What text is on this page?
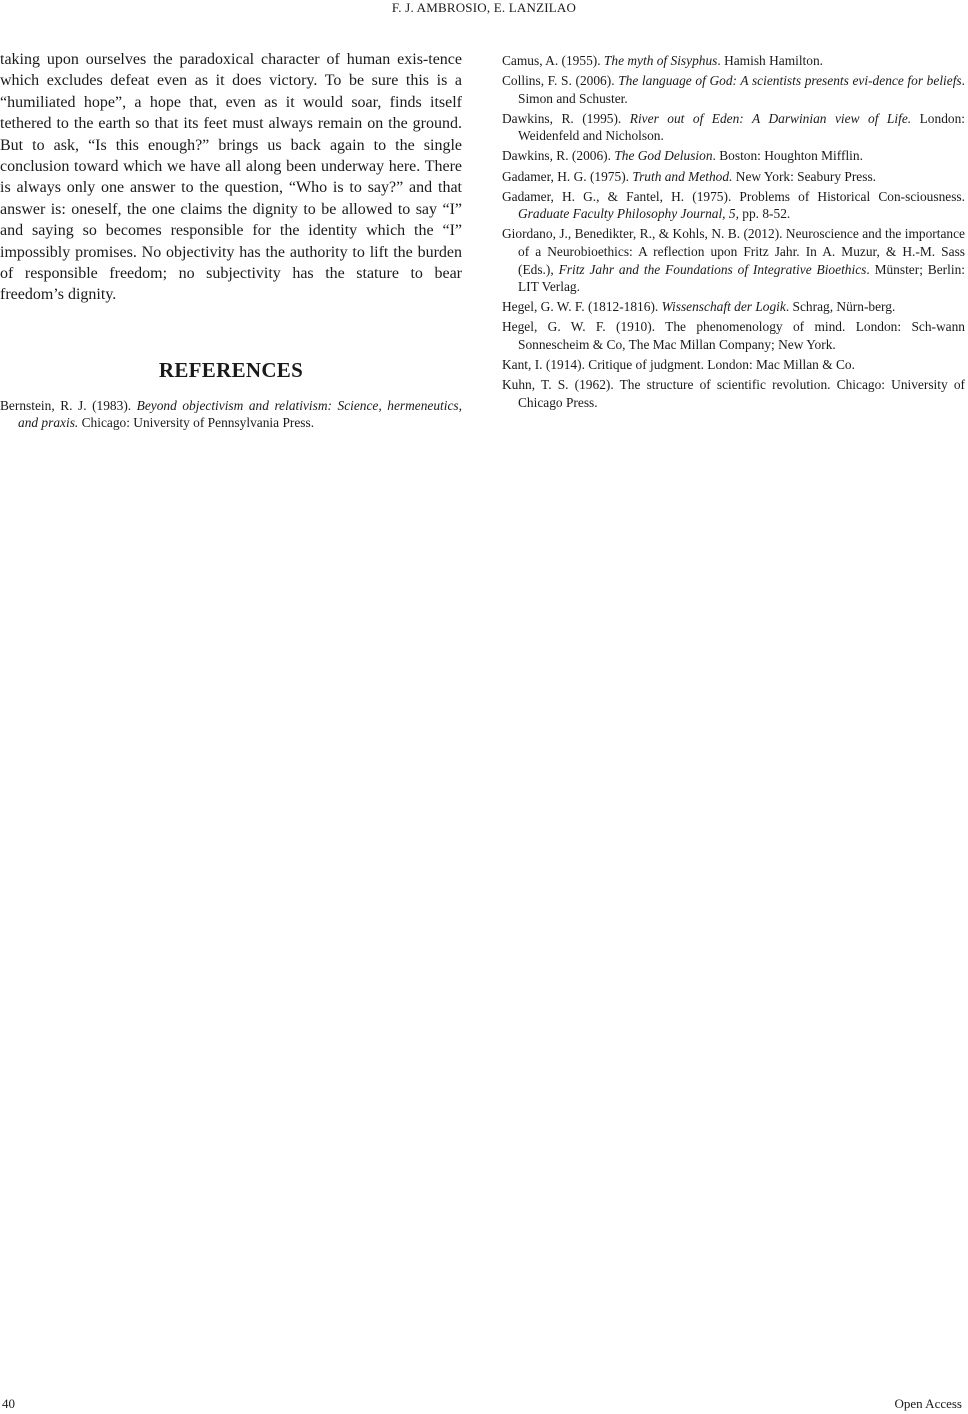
F. J. AMBROSIO, E. LANZILAO

taking upon ourselves the paradoxical character of human exis-tence which excludes defeat even as it does victory. To be sure this is a “humiliated hope”, a hope that, even as it would soar, finds itself tethered to the earth so that its feet must always remain on the ground. But to ask, “Is this enough?” brings us back again to the single conclusion toward which we have all along been underway here. There is always only one answer to the question, “Who is to say?” and that answer is: oneself, the one claims the dignity to be allowed to say “I” and saying so becomes responsible for the identity which the “I” impossibly promises. No objectivity has the authority to lift the burden of responsible freedom; no subjectivity has the stature to bear freedom’s dignity.

REFERENCES

Bernstein, R. J. (1983). Beyond objectivism and relativism: Science, hermeneutics, and praxis. Chicago: University of Pennsylvania Press.

Camus, A. (1955). The myth of Sisyphus. Hamish Hamilton.

Collins, F. S. (2006). The language of God: A scientists presents evi-dence for beliefs. Simon and Schuster.

Dawkins, R. (1995). River out of Eden: A Darwinian view of Life. London: Weidenfeld and Nicholson.

Dawkins, R. (2006). The God Delusion. Boston: Houghton Mifflin.

Gadamer, H. G. (1975). Truth and Method. New York: Seabury Press.

Gadamer, H. G., & Fantel, H. (1975). Problems of Historical Con-sciousness. Graduate Faculty Philosophy Journal, 5, pp. 8-52.

Giordano, J., Benedikter, R., & Kohls, N. B. (2012). Neuroscience and the importance of a Neurobioethics: A reflection upon Fritz Jahr. In A. Muzur, & H.-M. Sass (Eds.), Fritz Jahr and the Foundations of Integrative Bioethics. Münster; Berlin: LIT Verlag.

Hegel, G. W. F. (1812-1816). Wissenschaft der Logik. Schrag, Nürn-berg.

Hegel, G. W. F. (1910). The phenomenology of mind. London: Sch-wann Sonnescheim & Co, The Mac Millan Company; New York.

Kant, I. (1914). Critique of judgment. London: Mac Millan & Co.

Kuhn, T. S. (1962). The structure of scientific revolution. Chicago: University of Chicago Press.

40	Open Access
